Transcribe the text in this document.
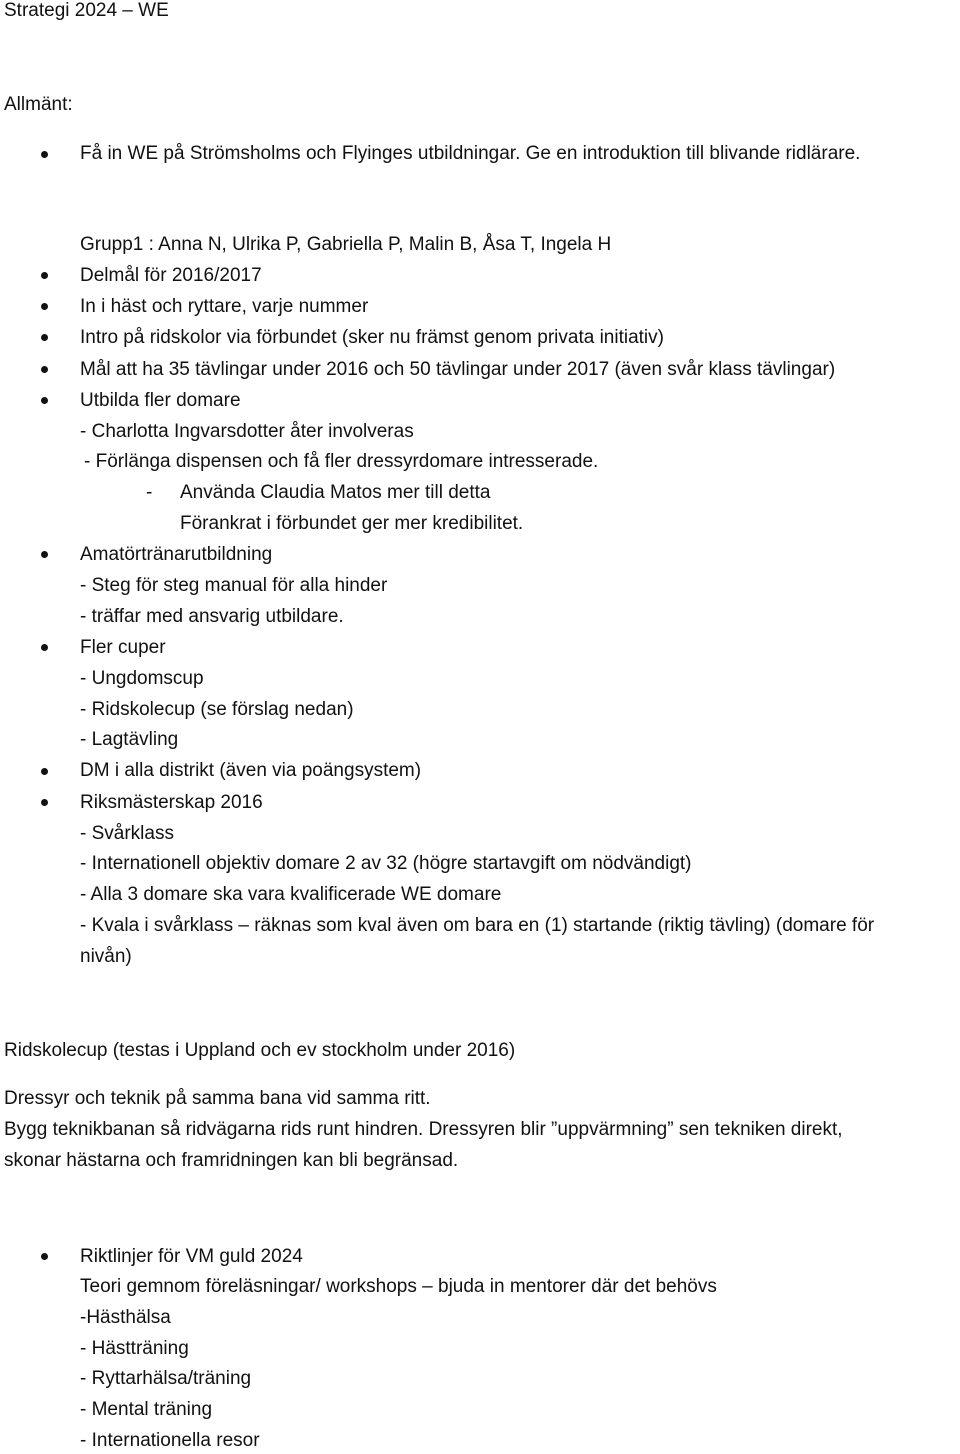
Strategi 2024 – WE
Allmänt:
Få in WE på Strömsholms och Flyinges utbildningar. Ge en introduktion till blivande ridlärare.
Grupp1 : Anna N, Ulrika P, Gabriella P, Malin B, Åsa T, Ingela H
Delmål för 2016/2017
In i häst och ryttare, varje nummer
Intro på ridskolor via förbundet (sker nu främst genom privata initiativ)
Mål att ha 35 tävlingar under 2016 och 50 tävlingar under 2017 (även svår klass tävlingar)
Utbilda fler domare
- Charlotta Ingvarsdotter åter involveras
- Förlänga dispensen och få fler dressyrdomare intresserade.
- Använda Claudia Matos mer till detta
Förankrat i förbundet ger mer kredibilitet.
Amatörtränarutbildning
- Steg för steg manual för alla hinder
- träffar med ansvarig utbildare.
Fler cuper
- Ungdomscup
- Ridskolecup (se förslag nedan)
- Lagtävling
DM i alla distrikt (även via poängsystem)
Riksmästerskap 2016
- Svårklass
- Internationell objektiv domare 2 av 32 (högre startavgift om nödvändigt)
- Alla 3 domare ska vara kvalificerade WE domare
- Kvala i svårklass – räknas som kval även om bara en (1) startande (riktig tävling) (domare för
nivån)
Ridskolecup (testas i Uppland och ev stockholm under 2016)
Dressyr och teknik på samma bana vid samma ritt.
Bygg teknikbanan så ridvägarna rids runt hindren. Dressyren blir ”uppvärmning” sen tekniken direkt,
skonar hästarna och framridningen kan bli begränsad.
Riktlinjer för VM guld 2024
Teori gemnom föreläsningar/ workshops – bjuda in mentorer där det behövs
-Hästhälsa
- Hästträning
- Ryttarhälsa/träning
- Mental träning
- Internationella resor
